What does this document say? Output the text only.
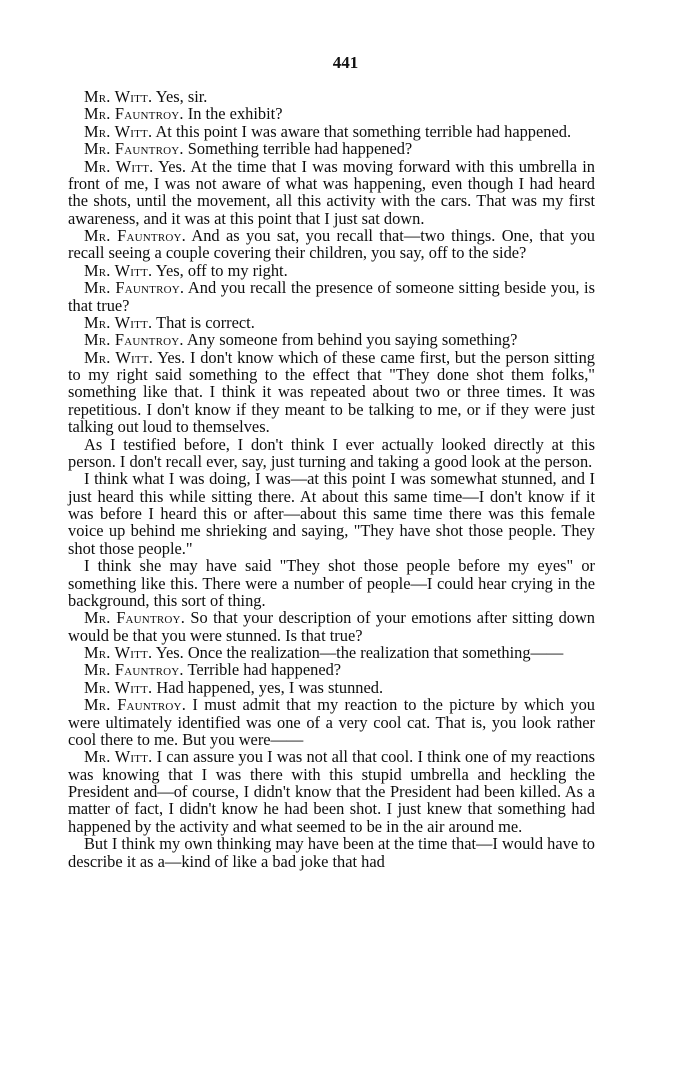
441

Mr. Witt. Yes, sir.

Mr. Fauntroy. In the exhibit?

Mr. Witt. At this point I was aware that something terrible had happened.

Mr. Fauntroy. Something terrible had happened?

Mr. Witt. Yes. At the time that I was moving forward with this umbrella in front of me, I was not aware of what was happening, even though I had heard the shots, until the movement, all this activity with the cars. That was my first awareness, and it was at this point that I just sat down.

Mr. Fauntroy. And as you sat, you recall that—two things. One, that you recall seeing a couple covering their children, you say, off to the side?

Mr. Witt. Yes, off to my right.

Mr. Fauntroy. And you recall the presence of someone sitting beside you, is that true?

Mr. Witt. That is correct.

Mr. Fauntroy. Any someone from behind you saying something?

Mr. Witt. Yes. I don't know which of these came first, but the person sitting to my right said something to the effect that "They done shot them folks," something like that. I think it was repeated about two or three times. It was repetitious. I don't know if they meant to be talking to me, or if they were just talking out loud to themselves.

As I testified before, I don't think I ever actually looked directly at this person. I don't recall ever, say, just turning and taking a good look at the person.

I think what I was doing, I was—at this point I was somewhat stunned, and I just heard this while sitting there. At about this same time—I don't know if it was before I heard this or after—about this same time there was this female voice up behind me shrieking and saying, "They have shot those people. They shot those people."

I think she may have said "They shot those people before my eyes" or something like this. There were a number of people—I could hear crying in the background, this sort of thing.

Mr. Fauntroy. So that your description of your emotions after sitting down would be that you were stunned. Is that true?

Mr. Witt. Yes. Once the realization—the realization that something——

Mr. Fauntroy. Terrible had happened?

Mr. Witt. Had happened, yes, I was stunned.

Mr. Fauntroy. I must admit that my reaction to the picture by which you were ultimately identified was one of a very cool cat. That is, you look rather cool there to me. But you were——

Mr. Witt. I can assure you I was not all that cool. I think one of my reactions was knowing that I was there with this stupid umbrella and heckling the President and—of course, I didn't know that the President had been killed. As a matter of fact, I didn't know he had been shot. I just knew that something had happened by the activity and what seemed to be in the air around me.

But I think my own thinking may have been at the time that—I would have to describe it as a—kind of like a bad joke that had
